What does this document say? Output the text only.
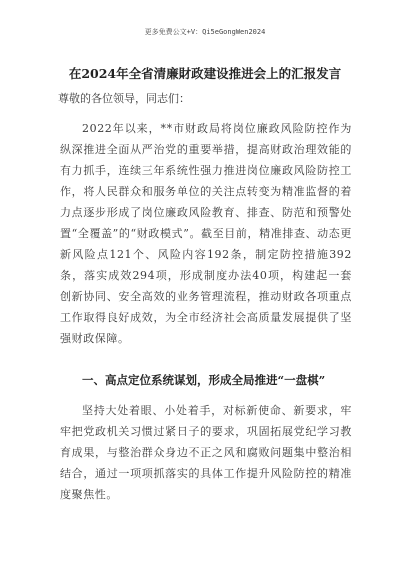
更多免费公文+V：Qi5eGongWen2024
在2024年全省清廉財政建设推进会上的汇报发言
尊敬的各位领导，同志们：

2022年以来，**市财政局将岗位廉政风险防控作为纵深推进全面从严治党的重要举措，提高财政治理效能的有力抓手，连续三年系统性强力推进岗位廉政风险防控工作，将人民群众和服务单位的关注点转变为精准监督的着力点逐步形成了岗位廉政风险教育、排查、防范和预警处置“全覆盖”的“财政模式”。截至目前，精准排查、动态更新风险点121个、风险内容192条，制定防控措施392条，落实成效294项，形成制度办法40项，构建起一套创新协同、安全高效的业务管理流程，推动财政各项重点工作取得良好成效，为全市经济社会高质量发展提供了坚强财政保障。

一、高点定位系统谋划，形成全局推进“一盘棋”

坚持大处着眼、小处着手，对标新使命、新要求，牢牢把党政机关习惯过紧日子的要求，巩固拓展党纪学习教育成果，与整治群众身边不正之风和腐败问题集中整治相结合，通过一项项抓落实的具体工作提升风险防控的精准度聚焦性。
